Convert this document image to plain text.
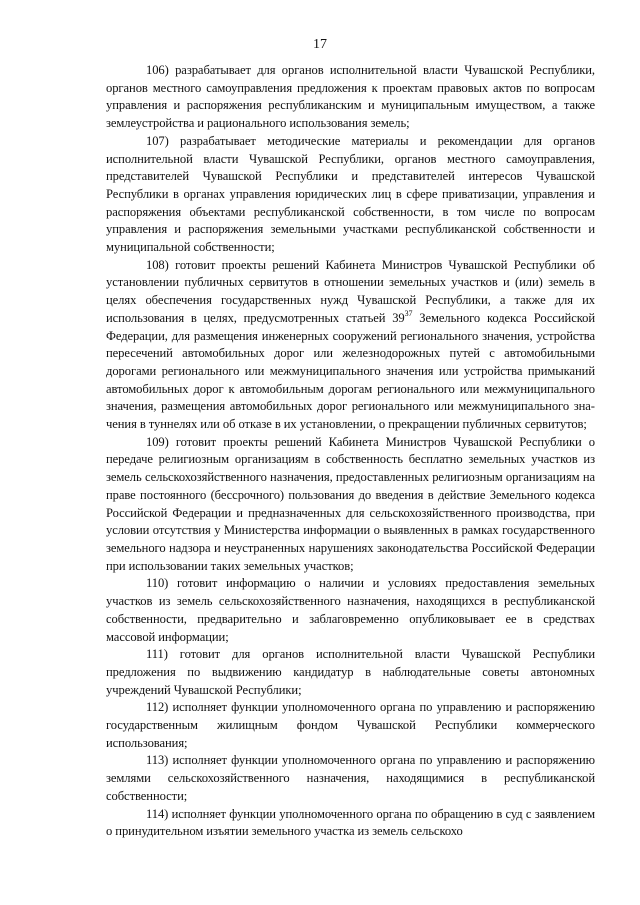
17

106) разрабатывает для органов исполнительной власти Чувашской Республики, органов местного самоуправления предложения к проектам правовых актов по вопросам управления и распоряжения республиканским и муниципальным имуществом, а также землеустройства и рационального использования земель;

107) разрабатывает методические материалы и рекомендации для органов исполнительной власти Чувашской Республики, органов местного самоуправления, представителей Чувашской Республики и представителей интересов Чувашской Республики в органах управления юридических лиц в сфере приватизации, управления и распоряжения объектами республиканской собственности, в том числе по вопросам управления и распоряжения земельными участками республиканской собственности и муниципальной собственности;

108) готовит проекты решений Кабинета Министров Чувашской Республики об установлении публичных сервитутов в отношении земельных участков и (или) земель в целях обеспечения государственных нужд Чувашской Республики, а также для их использования в целях, предусмотренных статьей $39^{37}$ Земельного кодекса Российской Федерации, для размещения инженерных сооружений регионального значения, устройства пересечений автомобильных дорог или железнодорожных путей с автомобильными дорогами регионального или межмуниципального значения или устройства примыканий автомобильных дорог к автомобильным дорогам регионального или межмуниципального значения, размещения автомобильных дорог регионального или межмуниципального значения в туннелях или об отказе в их установлении, о прекращении публичных сервитутов;

109) готовит проекты решений Кабинета Министров Чувашской Республики о передаче религиозным организациям в собственность бесплатно земельных участков из земель сельскохозяйственного назначения, предоставленных религиозным организациям на праве постоянного (бессрочного) пользования до введения в действие Земельного кодекса Российской Федерации и предназначенных для сельскохозяйственного производства, при условии отсутствия у Министерства информации о выявленных в рамках государственного земельного надзора и неустраненных нарушениях законодательства Российской Федерации при использовании таких земельных участков;

110) готовит информацию о наличии и условиях предоставления земельных участков из земель сельскохозяйственного назначения, находящихся в республиканской собственности, предварительно и заблаговременно опубликовывает ее в средствах массовой информации;

111) готовит для органов исполнительной власти Чувашской Республики предложения по выдвижению кандидатур в наблюдательные советы автономных учреждений Чувашской Республики;

112) исполняет функции уполномоченного органа по управлению и распоряжению государственным жилищным фондом Чувашской Республики коммерческого использования;

113) исполняет функции уполномоченного органа по управлению и распоряжению землями сельскохозяйственного назначения, находящимися в республиканской собственности;

114) исполняет функции уполномоченного органа по обращению в суд с заявлением о принудительном изъятии земельного участка из земель сельскохо
